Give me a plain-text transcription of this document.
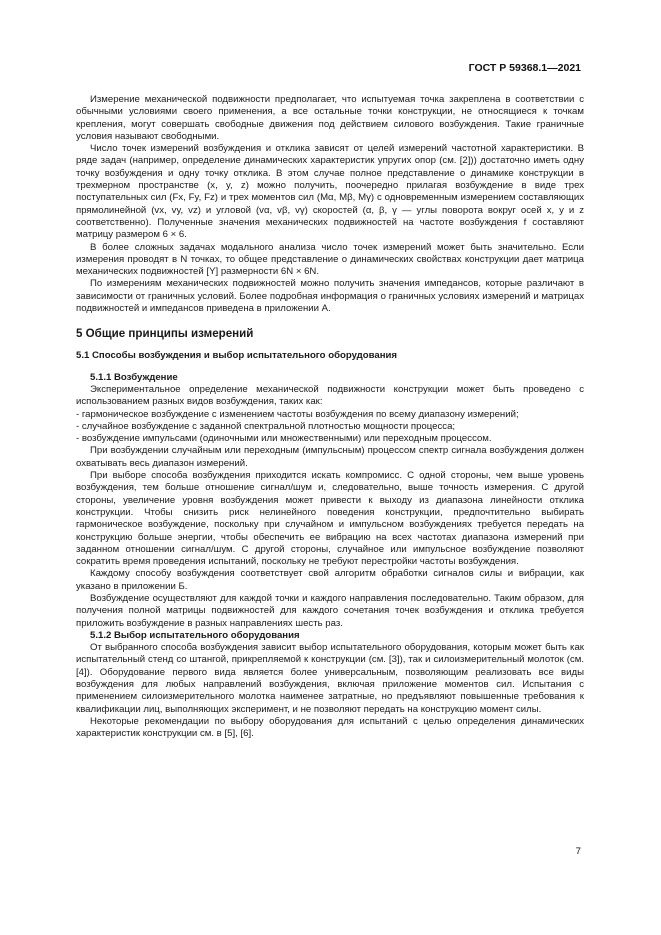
ГОСТ Р 59368.1—2021

Измерение механической подвижности предполагает, что испытуемая точка закреплена в соответствии с обычными условиями своего применения, а все остальные точки конструкции, не относящиеся к точкам крепления, могут совершать свободные движения под действием силового возбуждения. Такие граничные условия называют свободными.

Число точек измерений возбуждения и отклика зависят от целей измерений частотной характеристики. В ряде задач (например, определение динамических характеристик упругих опор (см. [2])) достаточно иметь одну точку возбуждения и одну точку отклика. В этом случае полное представление о динамике конструкции в трехмерном пространстве (x, y, z) можно получить, поочередно прилагая возбуждение в виде трех поступательных сил (Fx, Fy, Fz) и трех моментов сил (Mα, Mβ, Mγ) с одновременным измерением составляющих прямолинейной (vx, vy, vz) и угловой (vα, vβ, vγ) скоростей (α, β, γ — углы поворота вокруг осей x, y и z соответственно). Полученные значения механических подвижностей на частоте возбуждения f составляют матрицу размером 6 × 6.

В более сложных задачах модального анализа число точек измерений может быть значительно. Если измерения проводят в N точках, то общее представление о динамических свойствах конструкции дает матрица механических подвижностей [Y] размерности 6N × 6N.

По измерениям механических подвижностей можно получить значения импедансов, которые различают в зависимости от граничных условий. Более подробная информация о граничных условиях измерений и матрицах подвижностей и импедансов приведена в приложении А.

5 Общие принципы измерений
5.1 Способы возбуждения и выбор испытательного оборудования
5.1.1 Возбуждение

Экспериментальное определение механической подвижности конструкции может быть проведено с использованием разных видов возбуждения, таких как:

- гармоническое возбуждение с изменением частоты возбуждения по всему диапазону измерений;

- случайное возбуждение с заданной спектральной плотностью мощности процесса;

- возбуждение импульсами (одиночными или множественными) или переходным процессом.

При возбуждении случайным или переходным (импульсным) процессом спектр сигнала возбуждения должен охватывать весь диапазон измерений.

При выборе способа возбуждения приходится искать компромисс. С одной стороны, чем выше уровень возбуждения, тем больше отношение сигнал/шум и, следовательно, выше точность измерения. С другой стороны, увеличение уровня возбуждения может привести к выходу из диапазона линейности отклика конструкции. Чтобы снизить риск нелинейного поведения конструкции, предпочтительно выбирать гармоническое возбуждение, поскольку при случайном и импульсном возбуждениях требуется передать на конструкцию больше энергии, чтобы обеспечить ее вибрацию на всех частотах диапазона измерений при заданном отношении сигнал/шум. С другой стороны, случайное или импульсное возбуждение позволяют сократить время проведения испытаний, поскольку не требуют перестройки частоты возбуждения.

Каждому способу возбуждения соответствует свой алгоритм обработки сигналов силы и вибрации, как указано в приложении Б.

Возбуждение осуществляют для каждой точки и каждого направления последовательно. Таким образом, для получения полной матрицы подвижностей для каждого сочетания точек возбуждения и отклика требуется приложить возбуждение в разных направлениях шесть раз.

5.1.2 Выбор испытательного оборудования

От выбранного способа возбуждения зависит выбор испытательного оборудования, которым может быть как испытательный стенд со штангой, прикрепляемой к конструкции (см. [3]), так и силоизмерительный молоток (см. [4]). Оборудование первого вида является более универсальным, позволяющим реализовать все виды возбуждения для любых направлений возбуждения, включая приложение моментов сил. Испытания с применением силоизмерительного молотка наименее затратные, но предъявляют повышенные требования к квалификации лиц, выполняющих эксперимент, и не позволяют передать на конструкцию момент силы.

Некоторые рекомендации по выбору оборудования для испытаний с целью определения динамических характеристик конструкции см. в [5], [6].

7
